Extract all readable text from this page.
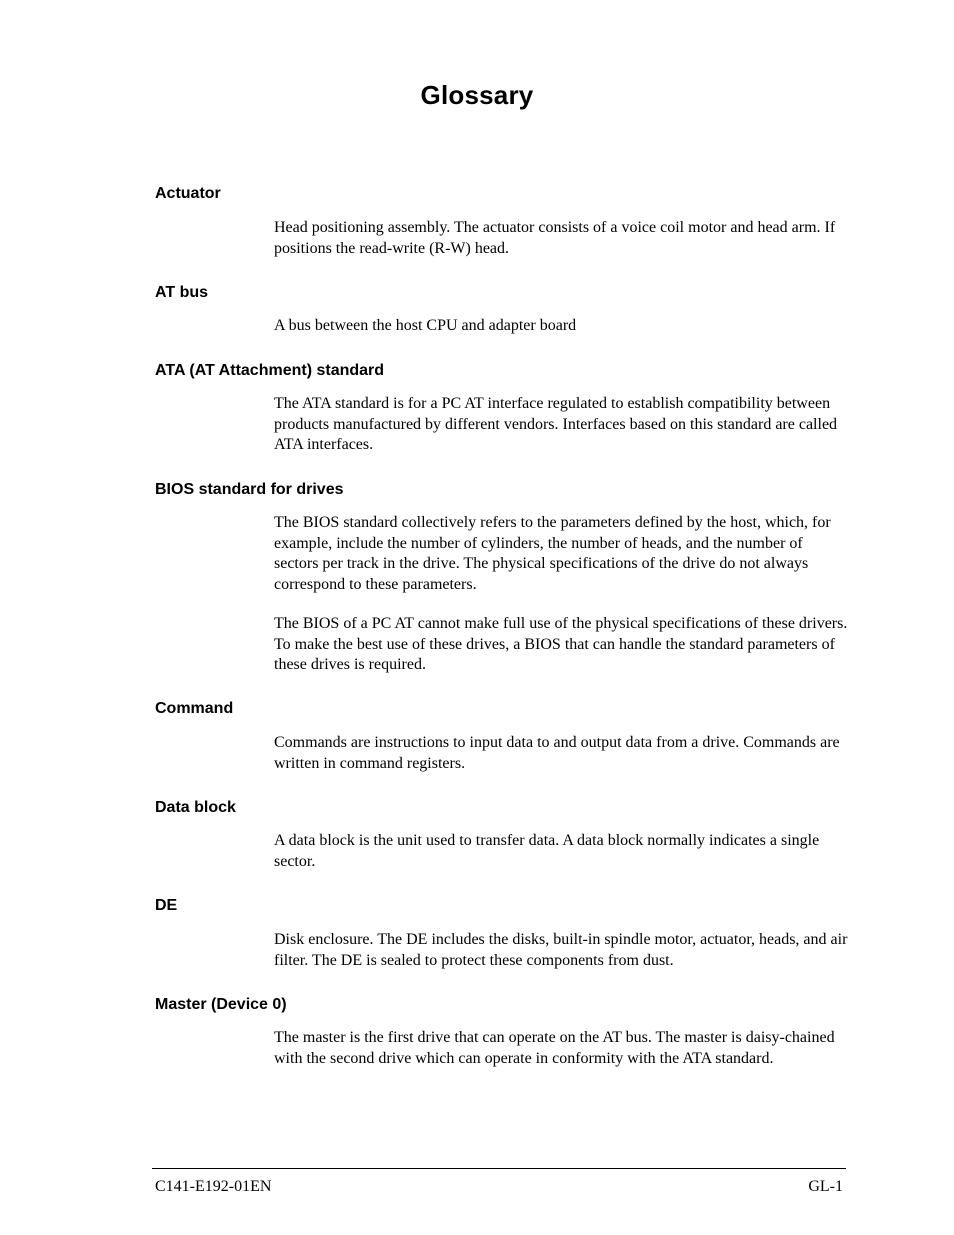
Glossary
Actuator
Head positioning assembly. The actuator consists of a voice coil motor and head arm. If positions the read-write (R-W) head.
AT bus
A bus between the host CPU and adapter board
ATA (AT Attachment) standard
The ATA standard is for a PC AT interface regulated to establish compatibility between products manufactured by different vendors. Interfaces based on this standard are called ATA interfaces.
BIOS standard for drives
The BIOS standard collectively refers to the parameters defined by the host, which, for example, include the number of cylinders, the number of heads, and the number of sectors per track in the drive. The physical specifications of the drive do not always correspond to these parameters.
The BIOS of a PC AT cannot make full use of the physical specifications of these drivers. To make the best use of these drives, a BIOS that can handle the standard parameters of these drives is required.
Command
Commands are instructions to input data to and output data from a drive. Commands are written in command registers.
Data block
A data block is the unit used to transfer data. A data block normally indicates a single sector.
DE
Disk enclosure. The DE includes the disks, built-in spindle motor, actuator, heads, and air filter. The DE is sealed to protect these components from dust.
Master (Device 0)
The master is the first drive that can operate on the AT bus. The master is daisy-chained with the second drive which can operate in conformity with the ATA standard.
C141-E192-01EN	GL-1
